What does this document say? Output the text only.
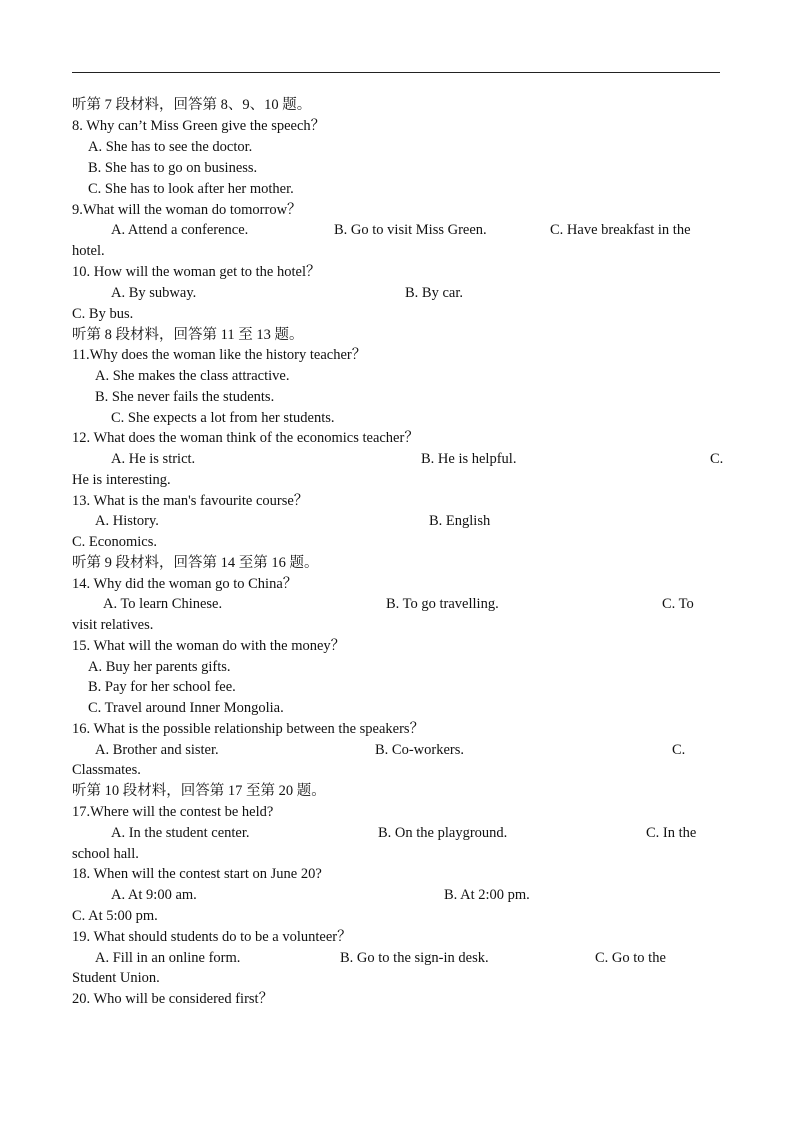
听第 7 段材料，回答第 8、9、10 题。
8. Why can’t Miss Green give the speech？
A. She has to see the doctor.
B. She has to go on business.
C. She has to look after her mother.
9.What will the woman do tomorrow？
A. Attend a conference.	B. Go to visit Miss Green.	C. Have breakfast in the
hotel.
10. How will the woman get to the hotel？
A. By subway.	B. By car.
C. By bus.
听第 8 段材料，回答第 11 至 13 题。
11.Why does the woman like the history teacher？
A. She makes the class attractive.
B. She never fails the students.
C. She expects a lot from her students.
12. What does the woman think of the economics teacher？
A. He is strict.	B. He is helpful.	C.
He is interesting.
13. What is the man's favourite course？
A. History.	B. English
C. Economics.
听第 9 段材料，回答第 14 至第 16 题。
14. Why did the woman go to China？
A. To learn Chinese.	B. To go travelling.	C. To
visit relatives.
15. What will the woman do with the money？
A. Buy her parents gifts.
B. Pay for her school fee.
C. Travel around Inner Mongolia.
16. What is the possible relationship between the speakers？
A. Brother and sister.	B. Co-workers.	C.
Classmates.
听第 10 段材料，回答第 17 至第 20 题。
17.Where will the contest be held?
A. In the student center.	B. On the playground.	C. In the
school hall.
18. When will the contest start on June 20?
A. At 9:00 am.	B. At 2:00 pm.
C. At 5:00 pm.
19. What should students do to be a volunteer？
A. Fill in an online form.	B. Go to the sign-in desk.	C. Go to the
Student Union.
20. Who will be considered first？
